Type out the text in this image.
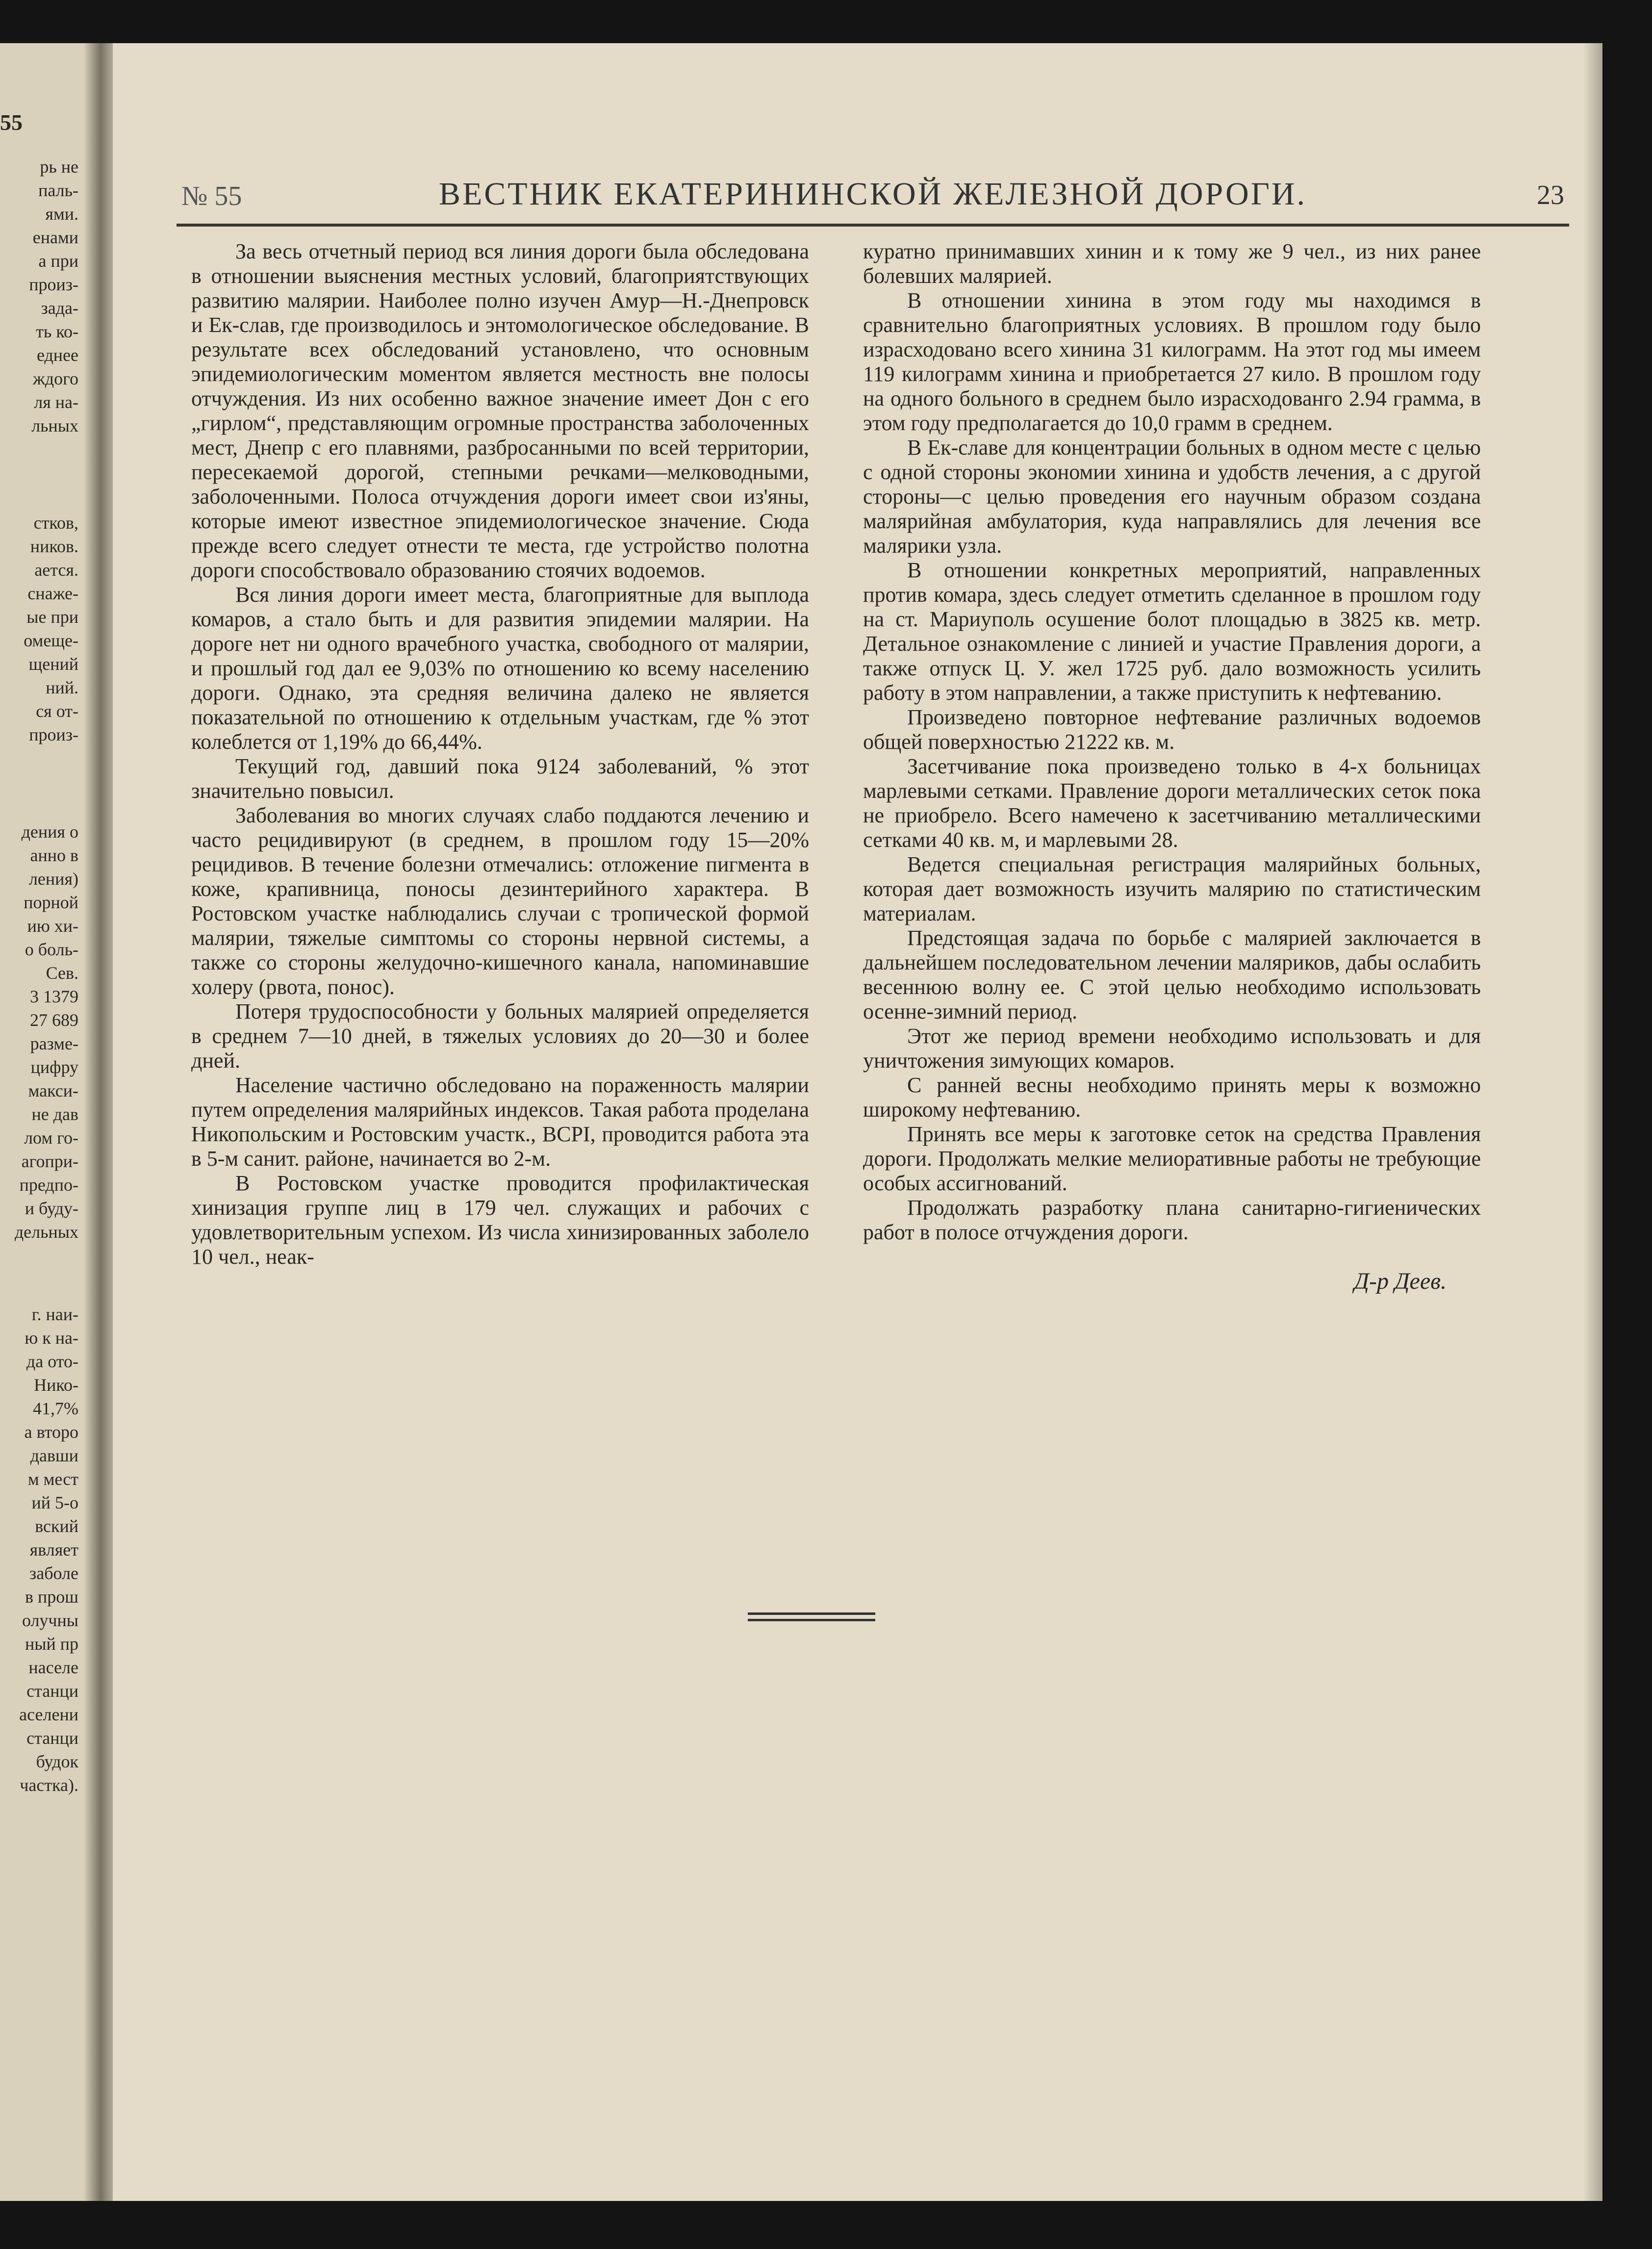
55
рь не
паль-
ями.
енами
а при
произ-
зада-
ть ко-
еднее
ждого
ля на-
льных
стков,
ников.
ается.
снаже-
ые при
омеще-
щений
ний.
ся от-
произ-
дения о
анно в
ления)
порной
ию хи-
о боль-
Сев.
3 1379
27 689
разме-
цифру
макси-
не дав
лом го-
агопри-
предпо-
и буду-
дельных
г. наи-
ю к на-
да ото-
Нико-
41,7%
а второ
давши
м мест
ий 5-о
вский
являет
заболе
в прош
олучны
ный пр
населе
станци
аселени
станци
будок
частка).
№ 55	ВЕСТНИК ЕКАТЕРИНИНСКОЙ ЖЕЛЕЗНОЙ ДОРОГИ.	23

За весь отчетный период вся линия дороги была обследована в отношении выяснения местных условий, благоприятствующих развитию малярии. Наиболее полно изучен Амур—Н.-Днепровск и Ек-слав, где производилось и энтомологическое обследование. В результате всех обследований установлено, что основным эпидемиологическим моментом является местность вне полосы отчуждения. Из них особенно важное значение имеет Дон с его „гирлом“, представляющим огромные пространства заболоченных мест, Днепр с его плавнями, разбросанными по всей территории, пересекаемой дорогой, степными речками—мелководными, заболоченными. Полоса отчуждения дороги имеет свои из'яны, которые имеют известное эпидемиологическое значение. Сюда прежде всего следует отнести те места, где устройство полотна дороги способствовало образованию стоячих водоемов.

Вся линия дороги имеет места, благоприятные для выплода комаров, а стало быть и для развития эпидемии малярии. На дороге нет ни одного врачебного участка, свободного от малярии, и прошлый год дал ее 9,03% по отношению ко всему населению дороги. Однако, эта средняя величина далеко не является показательной по отношению к отдельным участкам, где % этот колеблется от 1,19% до 66,44%.

Текущий год, давший пока 9124 заболеваний, % этот значительно повысил.

Заболевания во многих случаях слабо поддаются лечению и часто рецидивируют (в среднем, в прошлом году 15—20% рецидивов. В течение болезни отмечались: отложение пигмента в коже, крапивница, поносы дезинтерийного характера. В Ростовском участке наблюдались случаи с тропической формой малярии, тяжелые симптомы со стороны нервной системы, а также со стороны желудочно-кишечного канала, напоминавшие холеру (рвота, понос).

Потеря трудоспособности у больных малярией определяется в среднем 7—10 дней, в тяжелых условиях до 20—30 и более дней.

Население частично обследовано на пораженность малярии путем определения малярийных индексов. Такая работа проделана Никопольским и Ростовским участк., ВСРI, проводится работа эта в 5-м санит. районе, начинается во 2-м.

В Ростовском участке проводится профилактическая хинизация группе лиц в 179 чел. служащих и рабочих с удовлетворительным успехом. Из числа хинизированных заболело 10 чел., неак-

куратно принимавших хинин и к тому же 9 чел., из них ранее болевших малярией.

В отношении хинина в этом году мы находимся в сравнительно благоприятных условиях. В прошлом году было израсходовано всего хинина 31 килограмм. На этот год мы имеем 119 килограмм хинина и приобретается 27 кило. В прошлом году на одного больного в среднем было израсходованго 2.94 грамма, в этом году предполагается до 10,0 грамм в среднем.

В Ек-славе для концентрации больных в одном месте с целью с одной стороны экономии хинина и удобств лечения, а с другой стороны—с целью проведения его научным образом создана малярийная амбулатория, куда направлялись для лечения все малярики узла.

В отношении конкретных мероприятий, направленных против комара, здесь следует отметить сделанное в прошлом году на ст. Мариуполь осушение болот площадью в 3825 кв. метр. Детальное ознакомление с линией и участие Правления дороги, а также отпуск Ц. У. жел 1725 руб. дало возможность усилить работу в этом направлении, а также приступить к нефтеванию.

Произведено повторное нефтевание различных водоемов общей поверхностью 21222 кв. м.

Засетчивание пока произведено только в 4-х больницах марлевыми сетками. Правление дороги металлических сеток пока не приобрело. Всего намечено к засетчиванию металлическими сетками 40 кв. м, и марлевыми 28.

Ведется специальная регистрация малярийных больных, которая дает возможность изучить малярию по статистическим материалам.

Предстоящая задача по борьбе с малярией заключается в дальнейшем последовательном лечении маляриков, дабы ослабить весеннюю волну ее. С этой целью необходимо использовать осенне-зимний период.

Этот же период времени необходимо использовать и для уничтожения зимующих комаров.

С ранней весны необходимо принять меры к возможно широкому нефтеванию.

Принять все меры к заготовке сеток на средства Правления дороги. Продолжать мелкие мелиоративные работы не требующие особых ассигнований.

Продолжать разработку плана санитарно-гигиенических работ в полосе отчуждения дороги.

Д-р Деев.
